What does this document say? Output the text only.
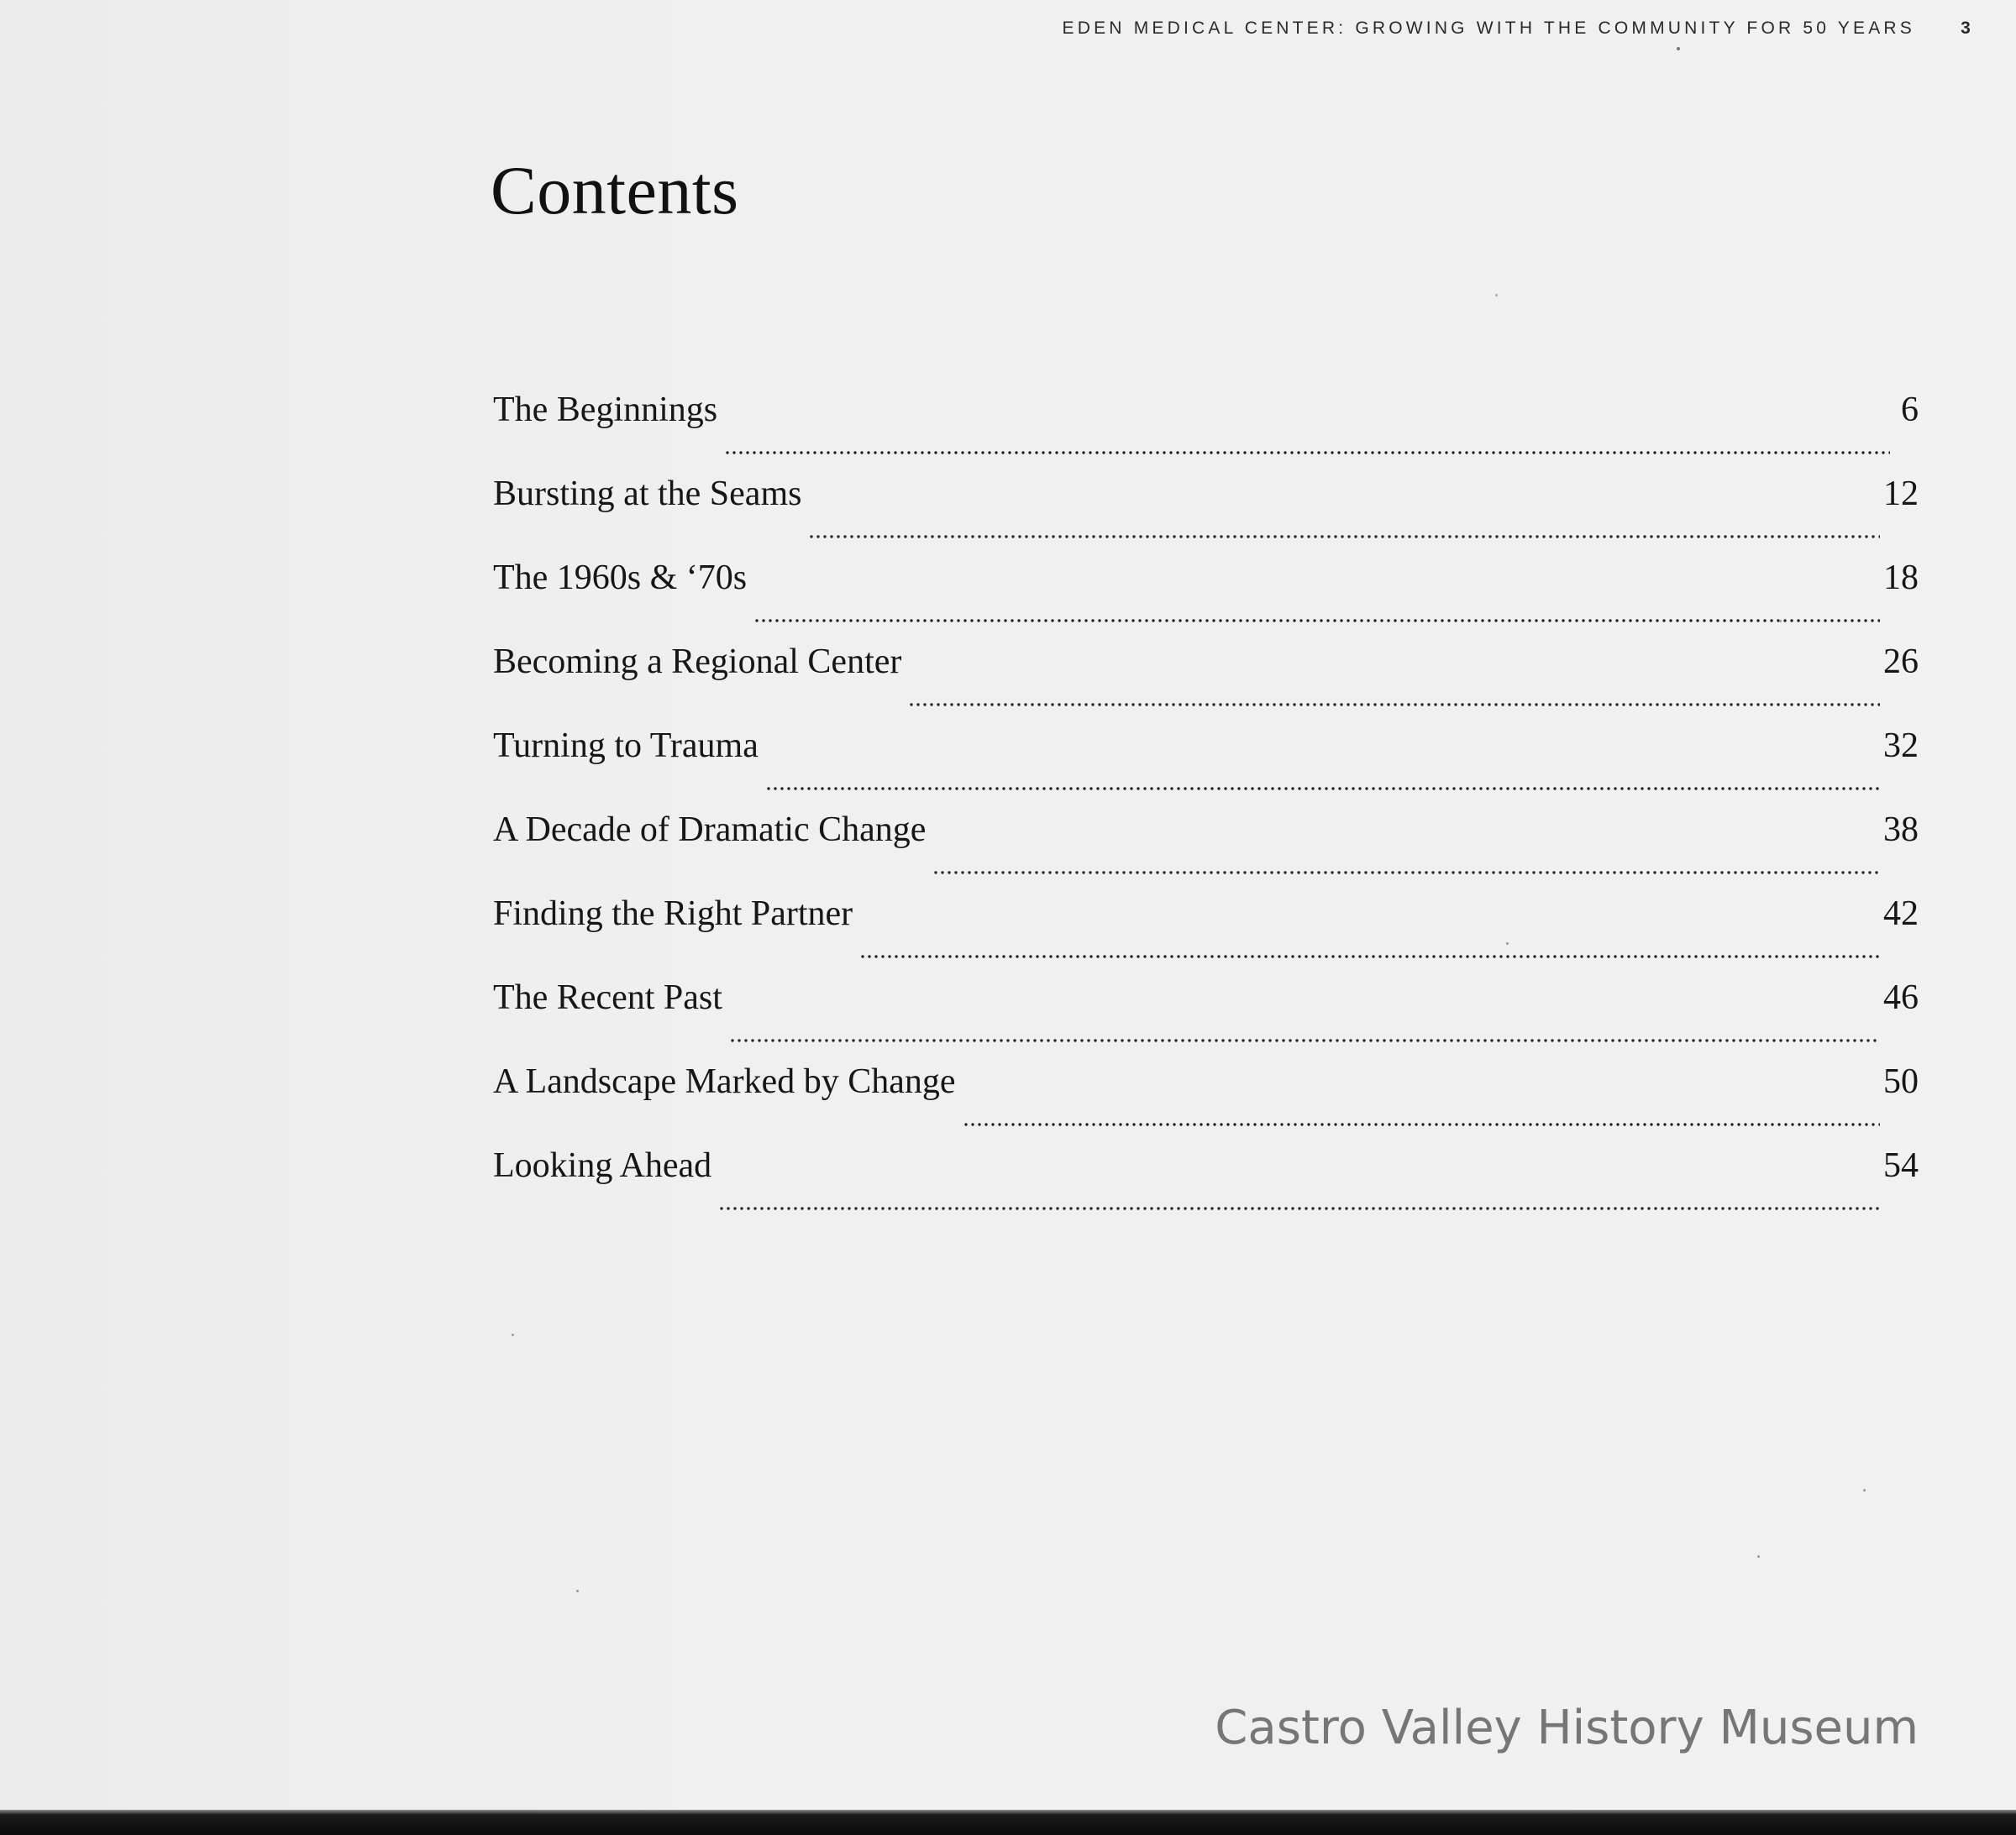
EDEN MEDICAL CENTER: GROWING WITH THE COMMUNITY FOR 50 YEARS	3
Contents
The Beginnings	6
Bursting at the Seams	12
The 1960s & ‘70s	18
Becoming a Regional Center	26
Turning to Trauma	32
A Decade of Dramatic Change	38
Finding the Right Partner	42
The Recent Past	46
A Landscape Marked by Change	50
Looking Ahead	54
Castro Valley History Museum
